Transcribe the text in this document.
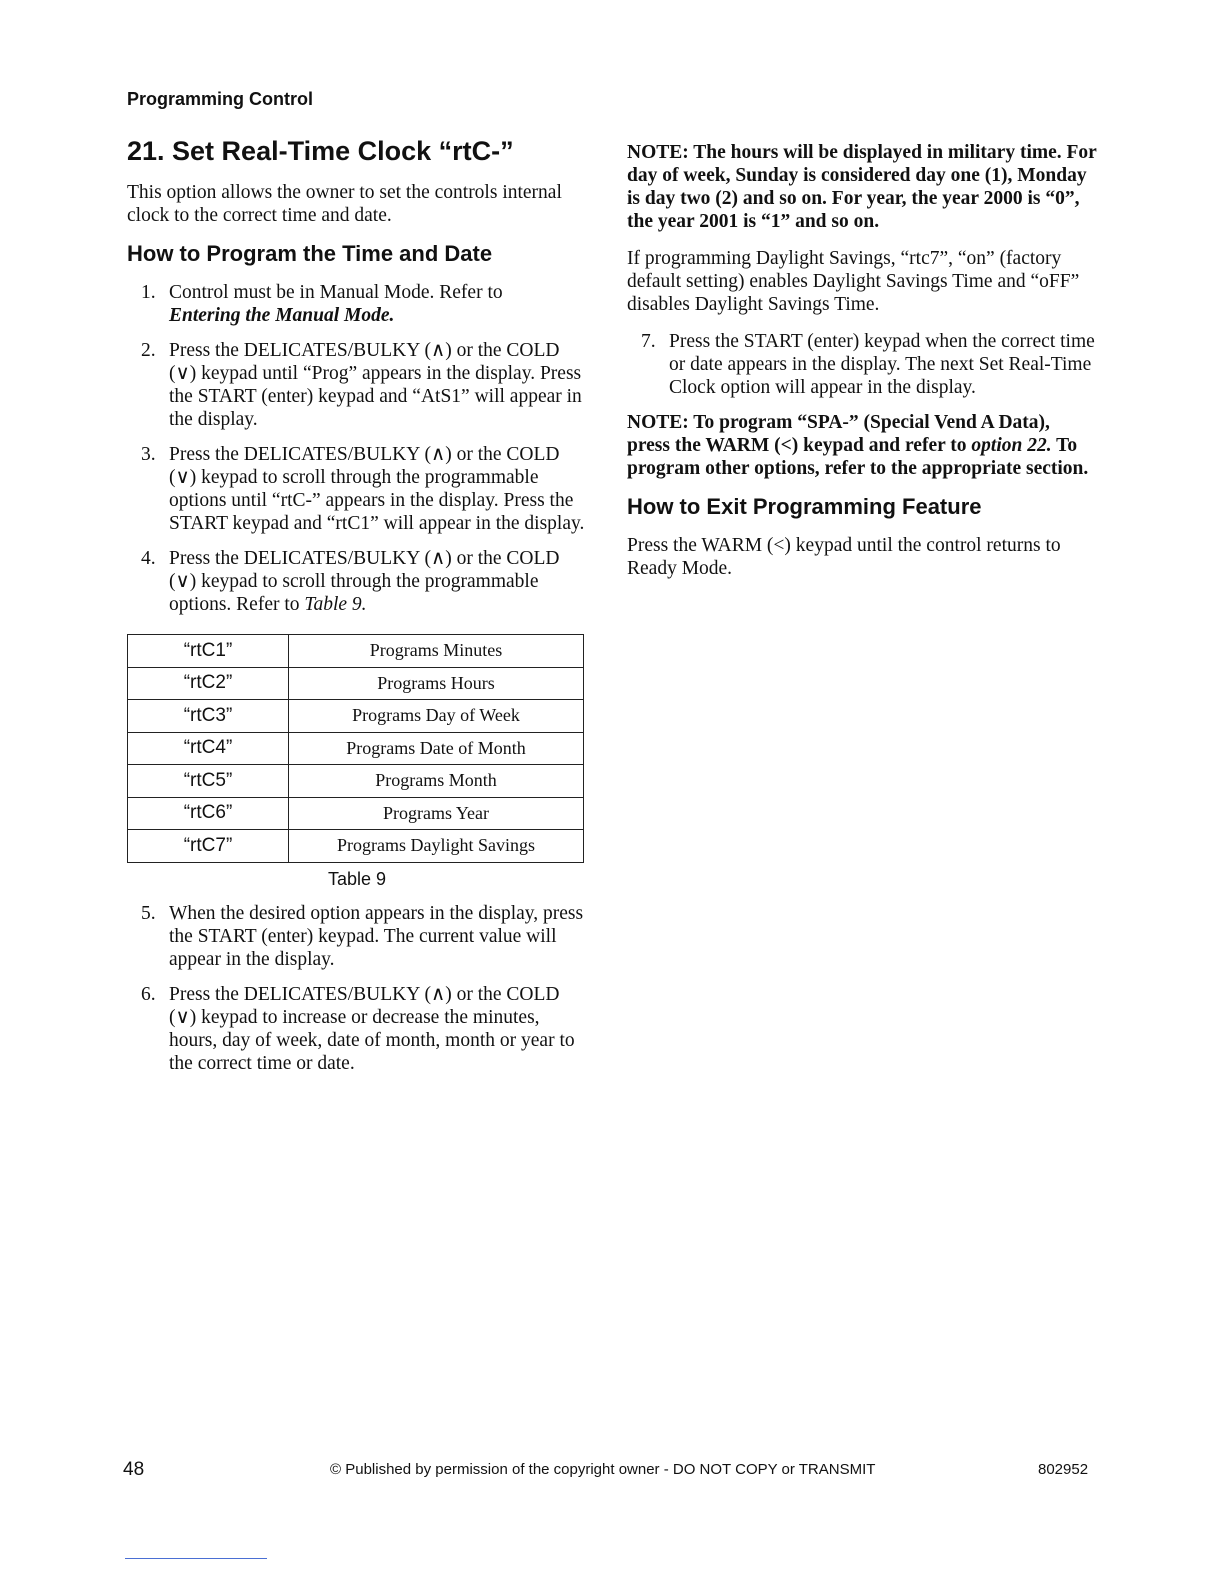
Programming Control
21. Set Real-Time Clock “rtC-”

This option allows the owner to set the controls internal clock to the correct time and date.

How to Program the Time and Date
1. Control must be in Manual Mode. Refer to
Entering the Manual Mode.
2. Press the DELICATES/BULKY (∧) or the COLD (∨) keypad until “Prog” appears in the display. Press the START (enter) keypad and “AtS1” will appear in the display.
3. Press the DELICATES/BULKY (∧) or the COLD (∨) keypad to scroll through the programmable options until “rtC-” appears in the display. Press the START keypad and “rtC1” will appear in the display.
4. Press the DELICATES/BULKY (∧) or the COLD (∨) keypad to scroll through the programmable options. Refer to Table 9.
“rtC1”	Programs Minutes
“rtC2”	Programs Hours
“rtC3”	Programs Day of Week
“rtC4”	Programs Date of Month
“rtC5”	Programs Month
“rtC6”	Programs Year
“rtC7”	Programs Daylight Savings
Table 9
5. When the desired option appears in the display, press the START (enter) keypad. The current value will appear in the display.
6. Press the DELICATES/BULKY (∧) or the COLD (∨) keypad to increase or decrease the minutes, hours, day of week, date of month, month or year to the correct time or date.

NOTE: The hours will be displayed in military time. For day of week, Sunday is considered day one (1), Monday is day two (2) and so on. For year, the year 2000 is “0”, the year 2001 is “1” and so on.

If programming Daylight Savings, “rtc7”, “on” (factory default setting) enables Daylight Savings Time and “oFF” disables Daylight Savings Time.

7. Press the START (enter) keypad when the correct time or date appears in the display. The next Set Real-Time Clock option will appear in the display.

NOTE: To program “SPA-” (Special Vend A Data), press the WARM (<) keypad and refer to option 22. To program other options, refer to the appropriate section.

How to Exit Programming Feature

Press the WARM (<) keypad until the control returns to Ready Mode.

48	© Published by permission of the copyright owner - DO NOT COPY or TRANSMIT	802952
